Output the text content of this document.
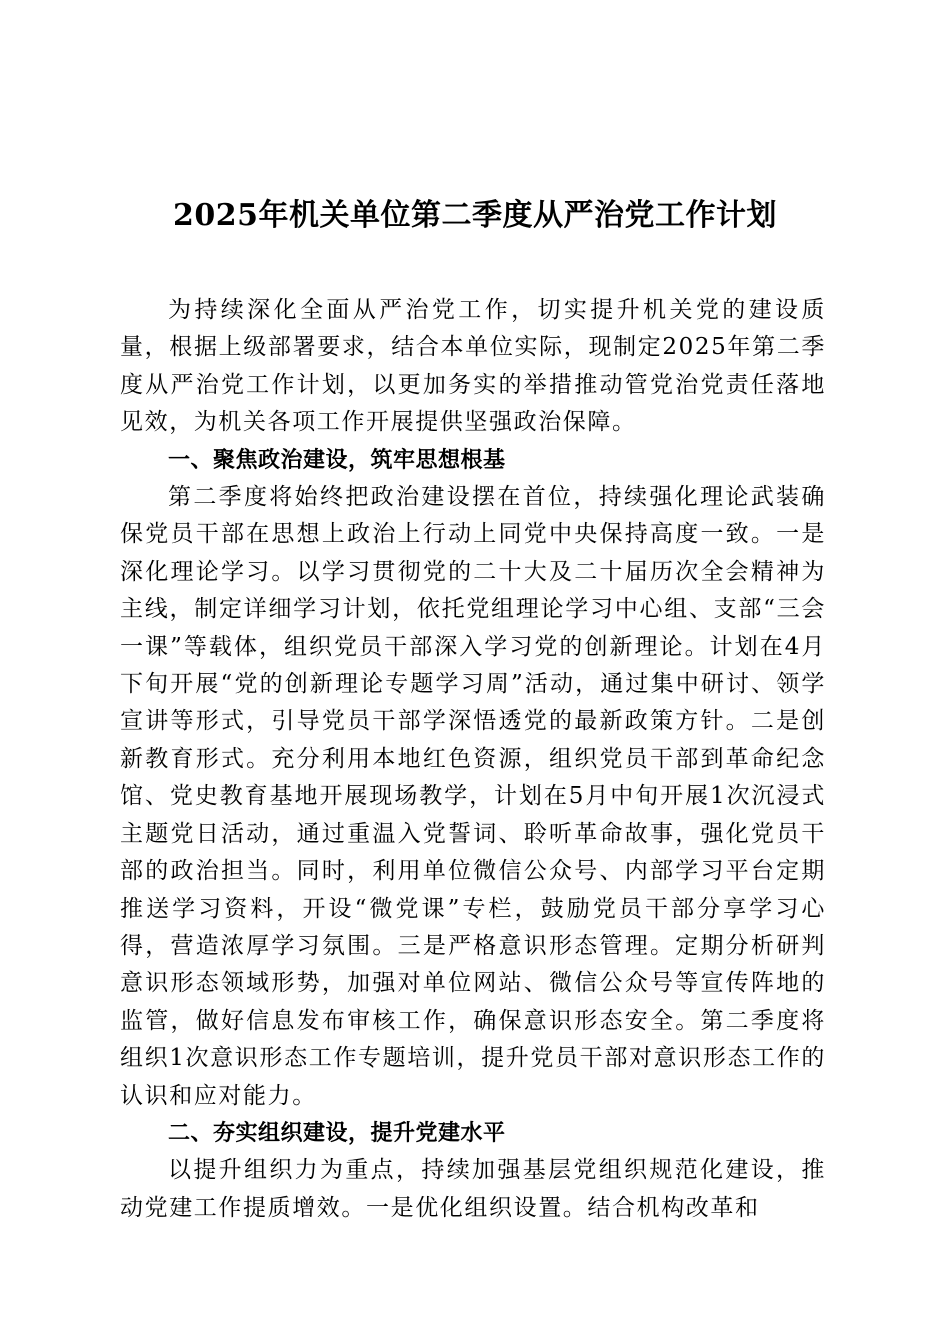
2025年机关单位第二季度从严治党工作计划

为持续深化全面从严治党工作，切实提升机关党的建设质量，根据上级部署要求，结合本单位实际，现制定2025年第二季度从严治党工作计划，以更加务实的举措推动管党治党责任落地见效，为机关各项工作开展提供坚强政治保障。

一、聚焦政治建设，筑牢思想根基

第二季度将始终把政治建设摆在首位，持续强化理论武装确保党员干部在思想上政治上行动上同党中央保持高度一致。一是深化理论学习。以学习贯彻党的二十大及二十届历次全会精神为主线，制定详细学习计划，依托党组理论学习中心组、支部“三会一课”等载体，组织党员干部深入学习党的创新理论。计划在4月下旬开展“党的创新理论专题学习周”活动，通过集中研讨、领学宣讲等形式，引导党员干部学深悟透党的最新政策方针。二是创新教育形式。充分利用本地红色资源，组织党员干部到革命纪念馆、党史教育基地开展现场教学，计划在5月中旬开展1次沉浸式主题党日活动，通过重温入党誓词、聆听革命故事，强化党员干部的政治担当。同时，利用单位微信公众号、内部学习平台定期推送学习资料，开设“微党课”专栏，鼓励党员干部分享学习心得，营造浓厚学习氛围。三是严格意识形态管理。定期分析研判意识形态领域形势，加强对单位网站、微信公众号等宣传阵地的监管，做好信息发布审核工作，确保意识形态安全。第二季度将组织1次意识形态工作专题培训，提升党员干部对意识形态工作的认识和应对能力。

二、夯实组织建设，提升党建水平

以提升组织力为重点，持续加强基层党组织规范化建设，推动党建工作提质增效。一是优化组织设置。结合机构改革和
